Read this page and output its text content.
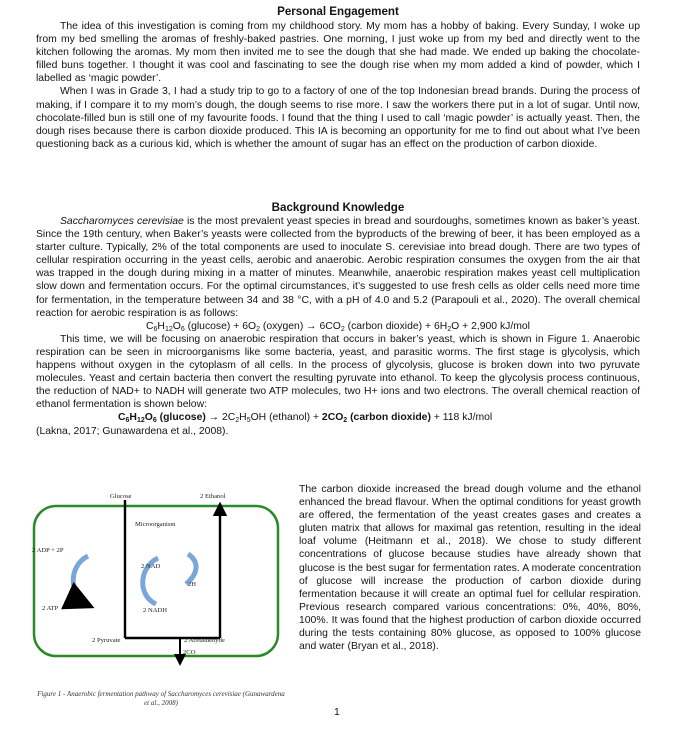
Personal Engagement

The idea of this investigation is coming from my childhood story. My mom has a hobby of baking. Every Sunday, I woke up from my bed smelling the aromas of freshly-baked pastries. One morning, I just woke up from my bed and directly went to the kitchen following the aromas. My mom then invited me to see the dough that she had made. We ended up baking the chocolate-filled buns together. I thought it was cool and fascinating to see the dough rise when my mom added a kind of powder, which I labelled as ‘magic powder’.

When I was in Grade 3, I had a study trip to go to a factory of one of the top Indonesian bread brands. During the process of making, if I compare it to my mom’s dough, the dough seems to rise more. I saw the workers there put in a lot of sugar. Until now, chocolate-filled bun is still one of my favourite foods. I found that the thing I used to call ‘magic powder’ is actually yeast. Then, the dough rises because there is carbon dioxide produced. This IA is becoming an opportunity for me to find out about what I’ve been questioning back as a curious kid, which is whether the amount of sugar has an effect on the production of carbon dioxide.

Background Knowledge

Saccharomyces cerevisiae is the most prevalent yeast species in bread and sourdoughs, sometimes known as baker’s yeast. Since the 19th century, when Baker’s yeasts were collected from the byproducts of the brewing of beer, it has been employed as a starter culture. Typically, 2% of the total components are used to inoculate S. cerevisiae into bread dough. There are two types of cellular respiration occurring in the yeast cells, aerobic and anaerobic. Aerobic respiration consumes the oxygen from the air that was trapped in the dough during mixing in a matter of minutes. Meanwhile, anaerobic respiration makes yeast cell multiplication slow down and fermentation occurs. For the optimal circumstances, it’s suggested to use fresh cells as older cells need more time for fermentation, in the temperature between 34 and 38 °C, with a pH of 4.0 and 5.2 (Parapouli et al., 2020). The overall chemical reaction for aerobic respiration is as follows:

$C_6H_{12}O_6$ $(glucose) + 6O_2$ (oxygen) → $6CO_2$ (carbon dioxide) + $6H_2O + 2,900$ kJ/mol

This time, we will be focusing on anaerobic respiration that occurs in baker’s yeast, which is shown in Figure 1. Anaerobic respiration can be seen in microorganisms like some bacteria, yeast, and parasitic worms. The first stage is glycolysis, which happens without oxygen in the cytoplasm of all cells. In the process of glycolysis, glucose is broken down into two pyruvate molecules. Yeast and certain bacteria then convert the resulting pyruvate into ethanol. To keep the glycolysis process continuous, the reduction of NAD+ to NADH will generate two ATP molecules, two H+ ions and two electrons. The overall chemical reaction of ethanol fermentation is shown below:

$C_6H_{12}O_6$ $(glucose) \to 2C_2H_5OH$ (ethanol) + $2CO_2$ (carbon dioxide) + 118 kJ/mol

(Lakna, 2017; Gunawardena et al., 2008).

The carbon dioxide increased the bread dough volume and the ethanol enhanced the bread flavour. When the optimal conditions for yeast growth are offered, the fermentation of the yeast creates gases and creates a gluten matrix that allows for maximal gas retention, resulting in the ideal loaf volume (Heitmann et al., 2018). We chose to study different concentrations of glucose because studies have already shown that glucose is the best sugar for fermentation rates. A moderate concentration of glucose will increase the production of carbon dioxide during fermentation because it will create an optimal fuel for cellular respiration. Previous research compared various concentrations: 0%, 40%, 80%, 100%. It was found that the highest production of carbon dioxide occurred during the tests containing 80% glucose, as opposed to 100% glucose and water (Bryan et al., 2018).
Glucose	2 Ethanol
Microorganism
2 ADP + 2P
2 NAD
2H
2 ATP	2 NADH
2 Pyruvate	2 Acetaldehyde
2CO
Figure 1 - Anaerobic fermentation pathway of Saccharomyces cerevisiae (Gunawardena et al., 2008)
1
